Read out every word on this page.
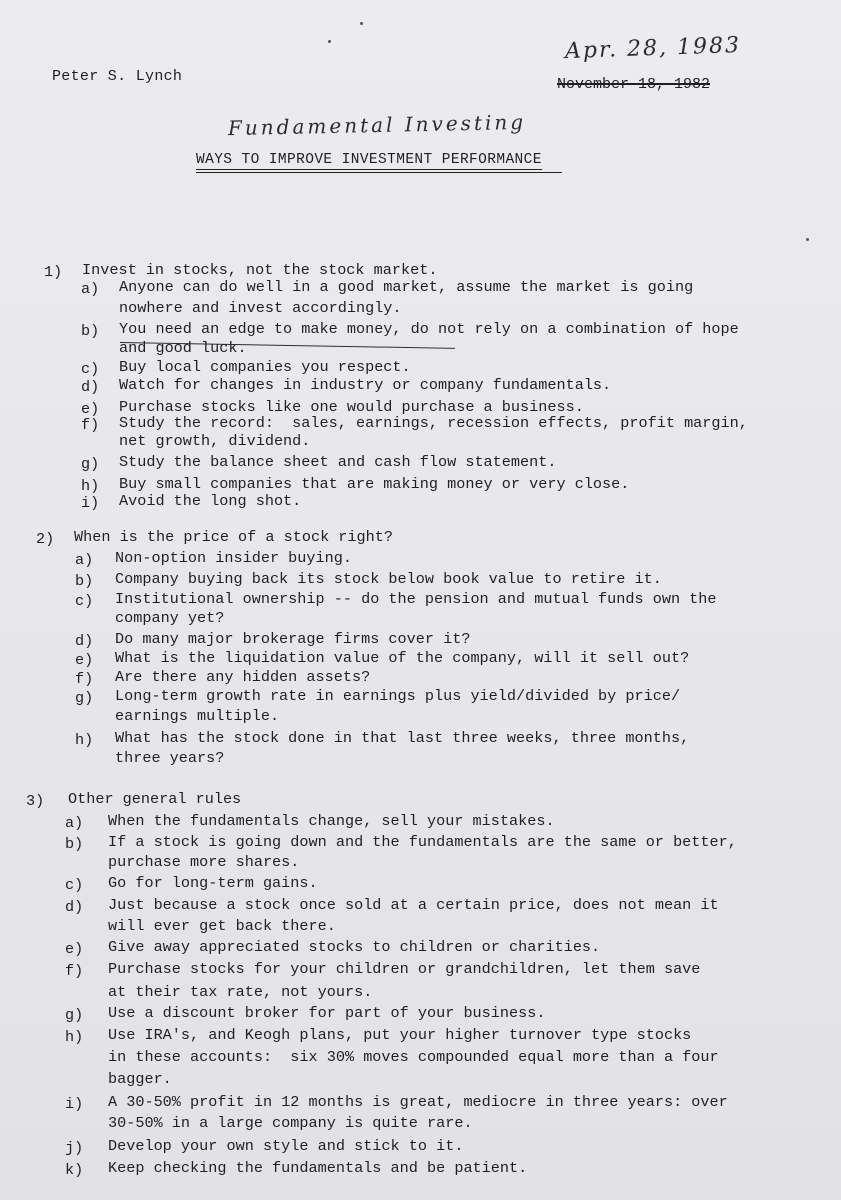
Peter S. Lynch
Apr. 28, 1983
November 18, 1982
Fundamental Investing
WAYS TO IMPROVE INVESTMENT PERFORMANCE
1) Invest in stocks, not the stock market.
a) Anyone can do well in a good market, assume the market is going
nowhere and invest accordingly.
b) You need an edge to make money, do not rely on a combination of hope
and good luck.
c) Buy local companies you respect.
d) Watch for changes in industry or company fundamentals.
e) Purchase stocks like one would purchase a business.
f) Study the record:  sales, earnings, recession effects, profit margin,
net growth, dividend.
g) Study the balance sheet and cash flow statement.
h) Buy small companies that are making money or very close.
i) Avoid the long shot.
2) When is the price of a stock right?
a) Non-option insider buying.
b) Company buying back its stock below book value to retire it.
c) Institutional ownership -- do the pension and mutual funds own the
company yet?
d) Do many major brokerage firms cover it?
e) What is the liquidation value of the company, will it sell out?
f) Are there any hidden assets?
g) Long-term growth rate in earnings plus yield/divided by price/
earnings multiple.
h) What has the stock done in that last three weeks, three months,
three years?
3) Other general rules
a) When the fundamentals change, sell your mistakes.
b) If a stock is going down and the fundamentals are the same or better,
purchase more shares.
c) Go for long-term gains.
d) Just because a stock once sold at a certain price, does not mean it
will ever get back there.
e) Give away appreciated stocks to children or charities.
f) Purchase stocks for your children or grandchildren, let them save
at their tax rate, not yours.
g) Use a discount broker for part of your business.
h) Use IRA's, and Keogh plans, put your higher turnover type stocks
in these accounts:  six 30% moves compounded equal more than a four
bagger.
i) A 30-50% profit in 12 months is great, mediocre in three years: over
30-50% in a large company is quite rare.
j) Develop your own style and stick to it.
k) Keep checking the fundamentals and be patient.
